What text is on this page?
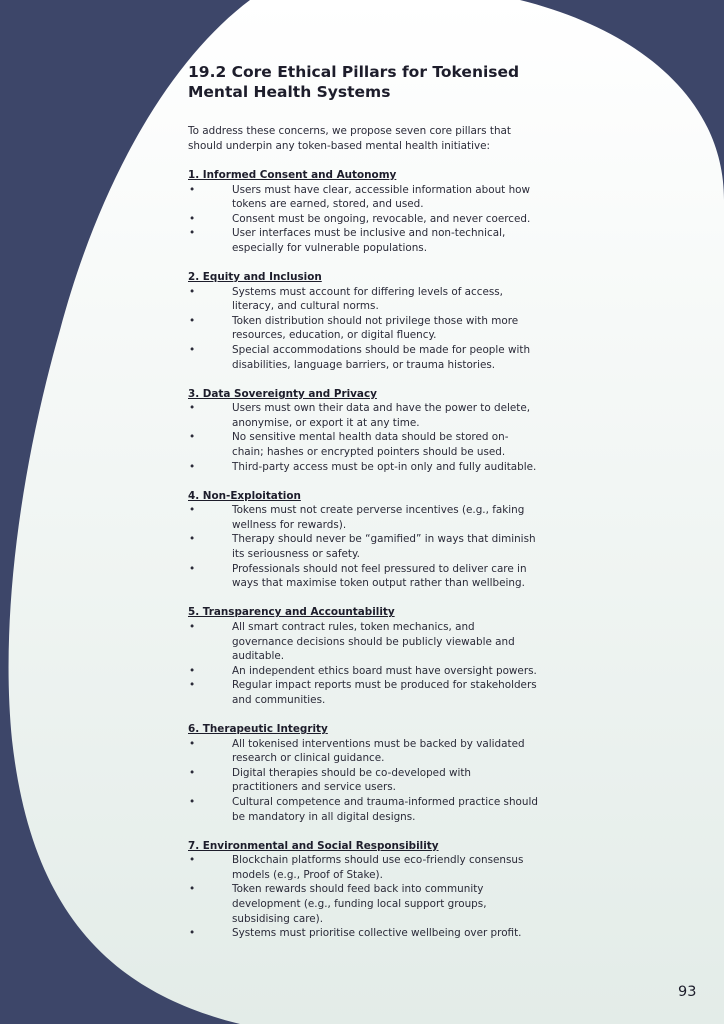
19.2 Core Ethical Pillars for Tokenised Mental Health Systems

To address these concerns, we propose seven core pillars that should underpin any token-based mental health initiative:

1. Informed Consent and Autonomy
•	Users must have clear, accessible information about how tokens are earned, stored, and used.
•	Consent must be ongoing, revocable, and never coerced.
•	User interfaces must be inclusive and non-technical, especially for vulnerable populations.
2. Equity and Inclusion
•	Systems must account for differing levels of access, literacy, and cultural norms.
•	Token distribution should not privilege those with more resources, education, or digital fluency.
•	Special accommodations should be made for people with disabilities, language barriers, or trauma histories.
3. Data Sovereignty and Privacy
•	Users must own their data and have the power to delete, anonymise, or export it at any time.
•	No sensitive mental health data should be stored on-chain; hashes or encrypted pointers should be used.
•	Third-party access must be opt-in only and fully auditable.
4. Non-Exploitation
•	Tokens must not create perverse incentives (e.g., faking wellness for rewards).
•	Therapy should never be “gamified” in ways that diminish its seriousness or safety.
•	Professionals should not feel pressured to deliver care in ways that maximise token output rather than wellbeing.
5. Transparency and Accountability
•	All smart contract rules, token mechanics, and governance decisions should be publicly viewable and auditable.
•	An independent ethics board must have oversight powers.
•	Regular impact reports must be produced for stakeholders and communities.
6. Therapeutic Integrity
•	All tokenised interventions must be backed by validated research or clinical guidance.
•	Digital therapies should be co-developed with practitioners and service users.
•	Cultural competence and trauma-informed practice should be mandatory in all digital designs.
7. Environmental and Social Responsibility
•	Blockchain platforms should use eco-friendly consensus models (e.g., Proof of Stake).
•	Token rewards should feed back into community development (e.g., funding local support groups, subsidising care).
•	Systems must prioritise collective wellbeing over profit.
93
